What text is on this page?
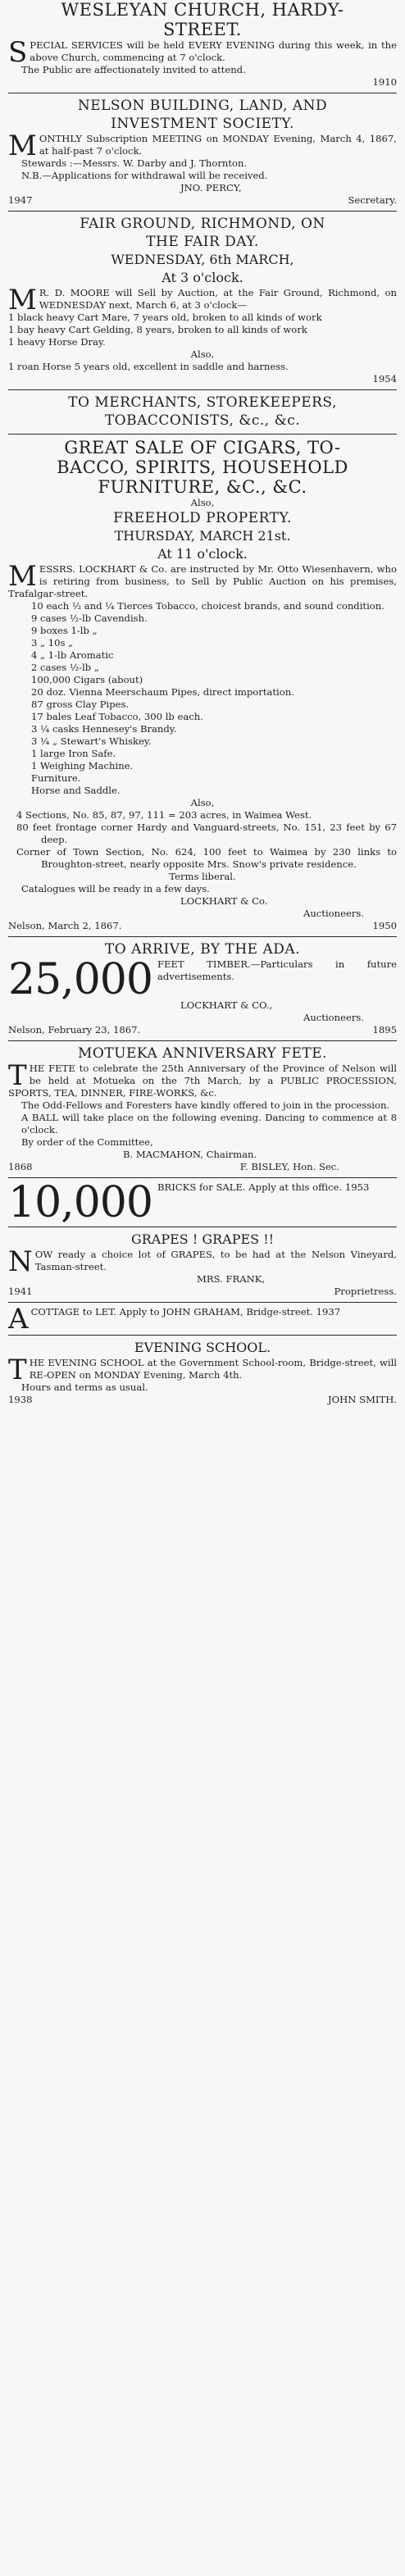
WESLEYAN CHURCH, HARDY-
STREET.

SPECIAL SERVICES will be held EVERY EVENING during this week, in the above Church, commencing at 7 o'clock.

The Public are affectionately invited to attend.

1910

NELSON BUILDING, LAND, AND
INVESTMENT SOCIETY.

MONTHLY Subscription MEETING on MONDAY Evening, March 4, 1867, at half-past 7 o'clock.

Stewards :—Messrs. W. Darby and J. Thornton.

N.B.—Applications for withdrawal will be received.

JNO. PERCY,

1947	Secretary.
FAIR GROUND, RICHMOND, ON
THE FAIR DAY.
WEDNESDAY, 6th MARCH,
At 3 o'clock.

M R. D. MOORE will Sell by Auction, at the Fair Ground, Richmond, on WEDNESDAY next, March 6, at 3 o'clock—

1 black heavy Cart Mare, 7 years old, broken to all kinds of work

1 bay heavy Cart Gelding, 8 years, broken to all kinds of work

1 heavy Horse Dray.

Also,

1 roan Horse 5 years old, excellent in saddle and harness.

1954

TO MERCHANTS, STOREKEEPERS,
TOBACCONISTS, &c., &c.
GREAT SALE OF CIGARS, TO-
BACCO, SPIRITS, HOUSEHOLD
FURNITURE, &C., &C.

Also,

FREEHOLD PROPERTY.
THURSDAY, MARCH 21st.
At 11 o'clock.

MESSRS. LOCKHART & Co. are instructed by Mr. Otto Wiesenhavern, who is retiring from business, to Sell by Public Auction on his premises, Trafalgar-street.

10 each ½ and ¼ Tierces Tobacco, choicest brands, and sound condition.

9 cases ½-lb Cavendish.

9 boxes 1-lb „

3 „ 10s „

4 „ 1-lb Aromatic

2 cases ½-lb „

100,000 Cigars (about)

20 doz. Vienna Meerschaum Pipes, direct importation.

87 gross Clay Pipes.

17 bales Leaf Tobacco, 300 lb each.

3 ¼ casks Hennesey's Brandy.

3 ¼ „ Stewart's Whiskey.

1 large Iron Safe.

1 Weighing Machine.

Furniture.

Horse and Saddle.

Also,

4 Sections, No. 85, 87, 97, 111 = 203 acres, in Waimea West.

80 feet frontage corner Hardy and Vanguard-streets, No. 151, 23 feet by 67 deep.

Corner of Town Section, No. 624, 100 feet to Waimea by 230 links to Broughton-street, nearly opposite Mrs. Snow's private residence.

Terms liberal.

Catalogues will be ready in a few days.

LOCKHART & Co.

Auctioneers.

Nelson, March 2, 1867.	1950
TO ARRIVE, BY THE ADA.

25,000 FEET TIMBER.—Particulars in future advertisements.

LOCKHART & CO.,

Auctioneers.

Nelson, February 23, 1867.	1895
MOTUEKA ANNIVERSARY FETE.

THE FETE to celebrate the 25th Anniversary of the Province of Nelson will be held at Motueka on the 7th March, by a PUBLIC PROCESSION, SPORTS, TEA, DINNER, FIRE-WORKS, &c.

The Odd-Fellows and Foresters have kindly offered to join in the procession.

A BALL will take place on the following evening. Dancing to commence at 8 o'clock.

By order of the Committee,

B. MACMAHON, Chairman.

1868	F. BISLEY, Hon. Sec.

10,000 BRICKS for SALE. Apply at this office. 1953

GRAPES ! GRAPES !!

NOW ready a choice lot of GRAPES, to be had at the Nelson Vineyard, Tasman-street.

MRS. FRANK,

1941	Proprietress.

ACOTTAGE to LET. Apply to JOHN GRAHAM, Bridge-street. 1937

EVENING SCHOOL.

THE EVENING SCHOOL at the Government School-room, Bridge-street, will RE-OPEN on MONDAY Evening, March 4th.

Hours and terms as usual.

1938	JOHN SMITH.
